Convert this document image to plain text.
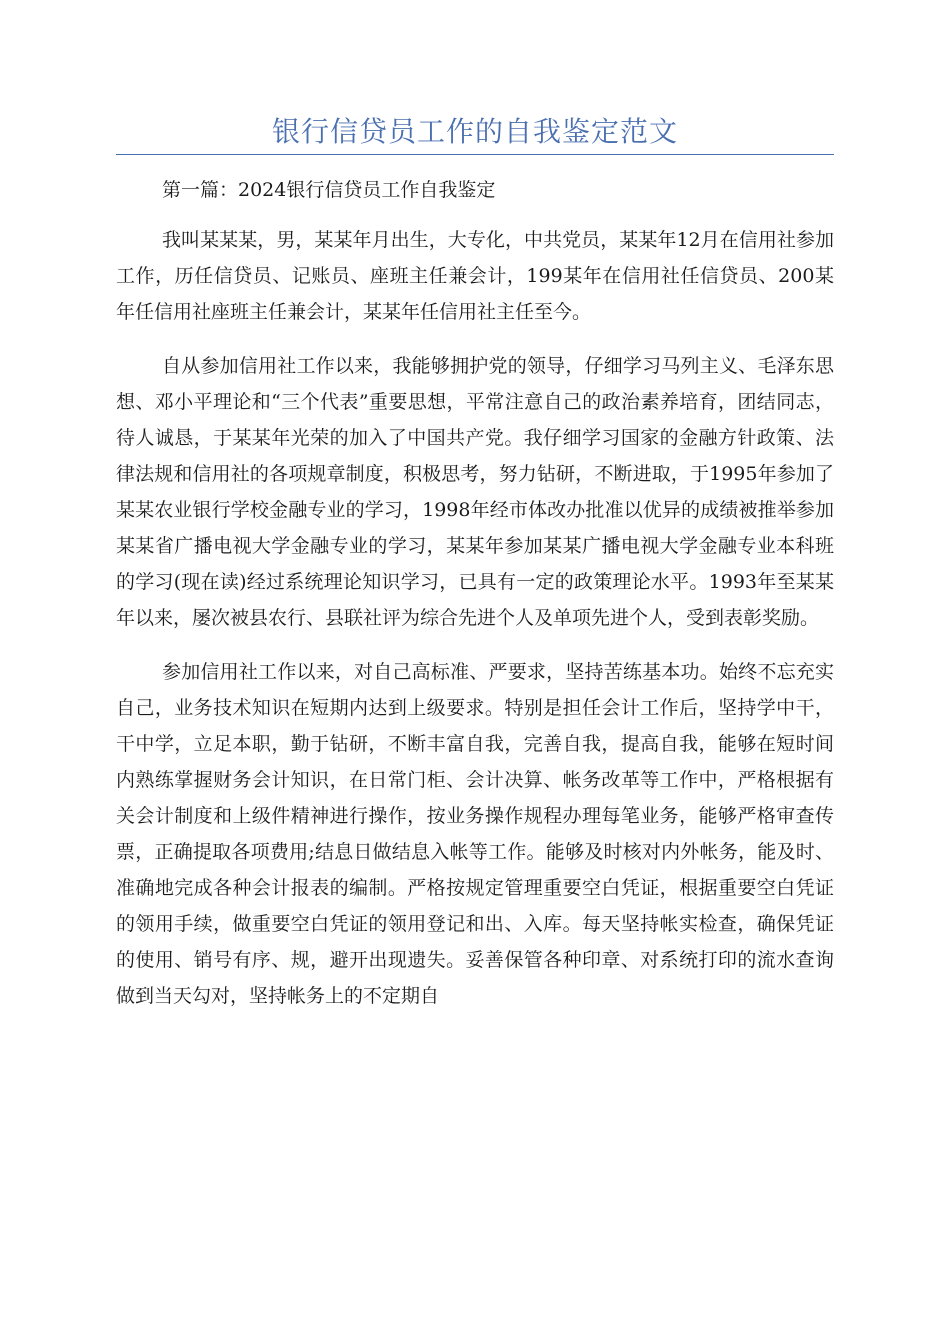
银行信贷员工作的自我鉴定范文

第一篇：2024银行信贷员工作自我鉴定

我叫某某某，男，某某年月出生，大专化，中共党员，某某年12月在信用社参加工作，历任信贷员、记账员、座班主任兼会计，199某年在信用社任信贷员、200某年任信用社座班主任兼会计，某某年任信用社主任至今。

自从参加信用社工作以来，我能够拥护党的领导，仔细学习马列主义、毛泽东思想、邓小平理论和“三个代表”重要思想，平常注意自己的政治素养培育，团结同志，待人诚恳，于某某年光荣的加入了中国共产党。我仔细学习国家的金融方针政策、法律法规和信用社的各项规章制度，积极思考，努力钻研，不断进取，于1995年参加了某某农业银行学校金融专业的学习，1998年经市体改办批准以优异的成绩被推举参加某某省广播电视大学金融专业的学习，某某年参加某某广播电视大学金融专业本科班的学习(现在读)经过系统理论知识学习，已具有一定的政策理论水平。1993年至某某年以来，屡次被县农行、县联社评为综合先进个人及单项先进个人，受到表彰奖励。

参加信用社工作以来，对自己高标准、严要求，坚持苦练基本功。始终不忘充实自己，业务技术知识在短期内达到上级要求。特别是担任会计工作后，坚持学中干，干中学，立足本职，勤于钻研，不断丰富自我，完善自我，提高自我，能够在短时间内熟练掌握财务会计知识，在日常门柜、会计决算、帐务改革等工作中，严格根据有关会计制度和上级件精神进行操作，按业务操作规程办理每笔业务，能够严格审查传票，正确提取各项费用;结息日做结息入帐等工作。能够及时核对内外帐务，能及时、准确地完成各种会计报表的编制。严格按规定管理重要空白凭证，根据重要空白凭证的领用手续，做重要空白凭证的领用登记和出、入库。每天坚持帐实检查，确保凭证的使用、销号有序、规，避开出现遗失。妥善保管各种印章、对系统打印的流水查询做到当天勾对，坚持帐务上的不定期自
